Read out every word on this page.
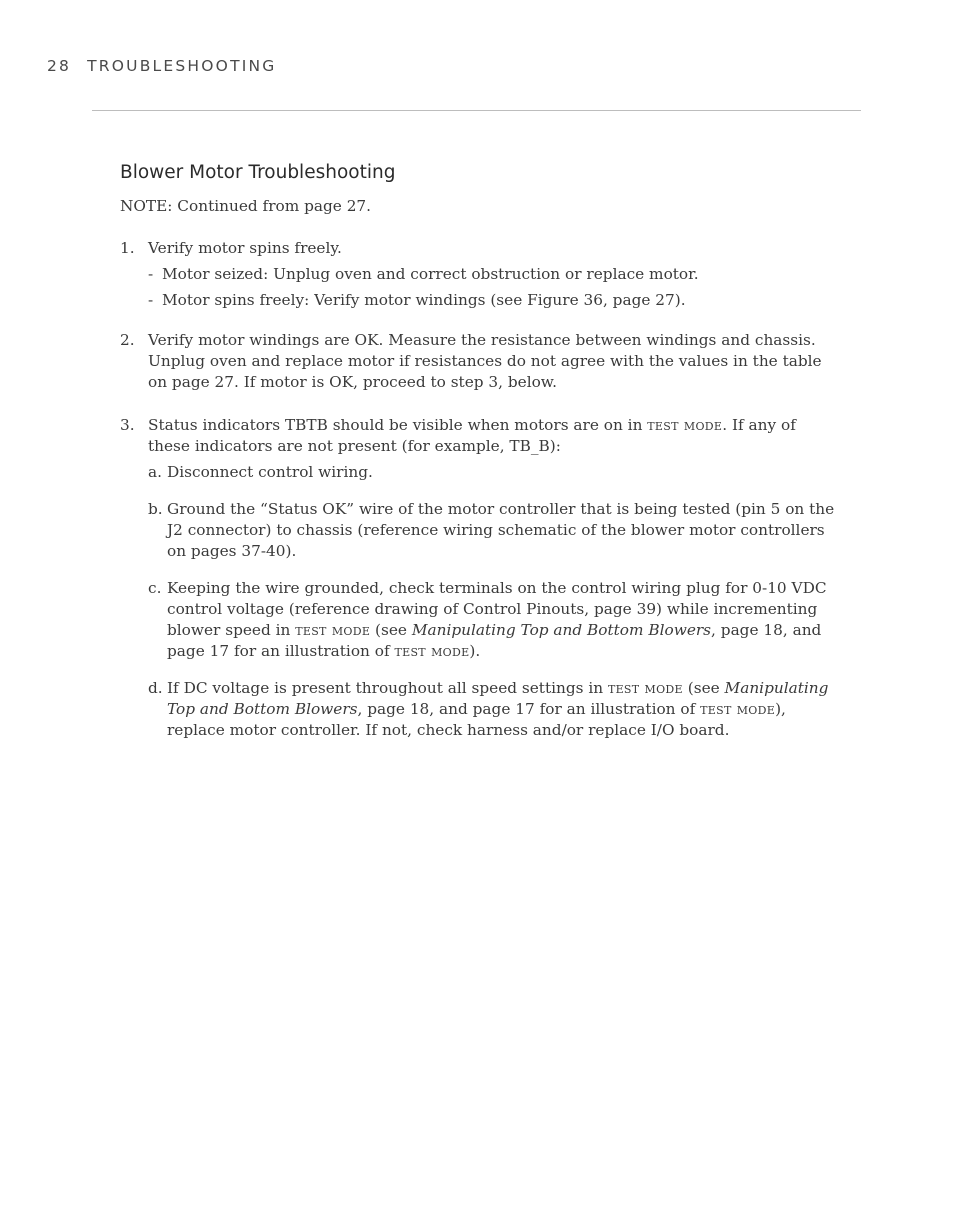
28 TROUBLESHOOTING
Blower Motor Troubleshooting
NOTE: Continued from page 27.
1. Verify motor spins freely.
- Motor seized: Unplug oven and correct obstruction or replace motor.
- Motor spins freely: Verify motor windings (see Figure 36, page 27).
2. Verify motor windings are OK. Measure the resistance between windings and chassis. Unplug oven and replace motor if resistances do not agree with the values in the table on page 27. If motor is OK, proceed to step 3, below.
3. Status indicators TBTB should be visible when motors are on in test mode. If any of these indicators are not present (for example, TB_B):
a. Disconnect control wiring.
b. Ground the “Status OK” wire of the motor controller that is being tested (pin 5 on the J2 connector) to chassis (reference wiring schematic of the blower motor controllers on pages 37-40).
c. Keeping the wire grounded, check terminals on the control wiring plug for 0-10 VDC control voltage (reference drawing of Control Pinouts, page 39) while incrementing blower speed in test mode (see Manipulating Top and Bottom Blowers, page 18, and page 17 for an illustration of test mode).
d. If DC voltage is present throughout all speed settings in test mode (see Manipulating Top and Bottom Blowers, page 18, and page 17 for an illustration of test mode), replace motor controller. If not, check harness and/or replace I/O board.
